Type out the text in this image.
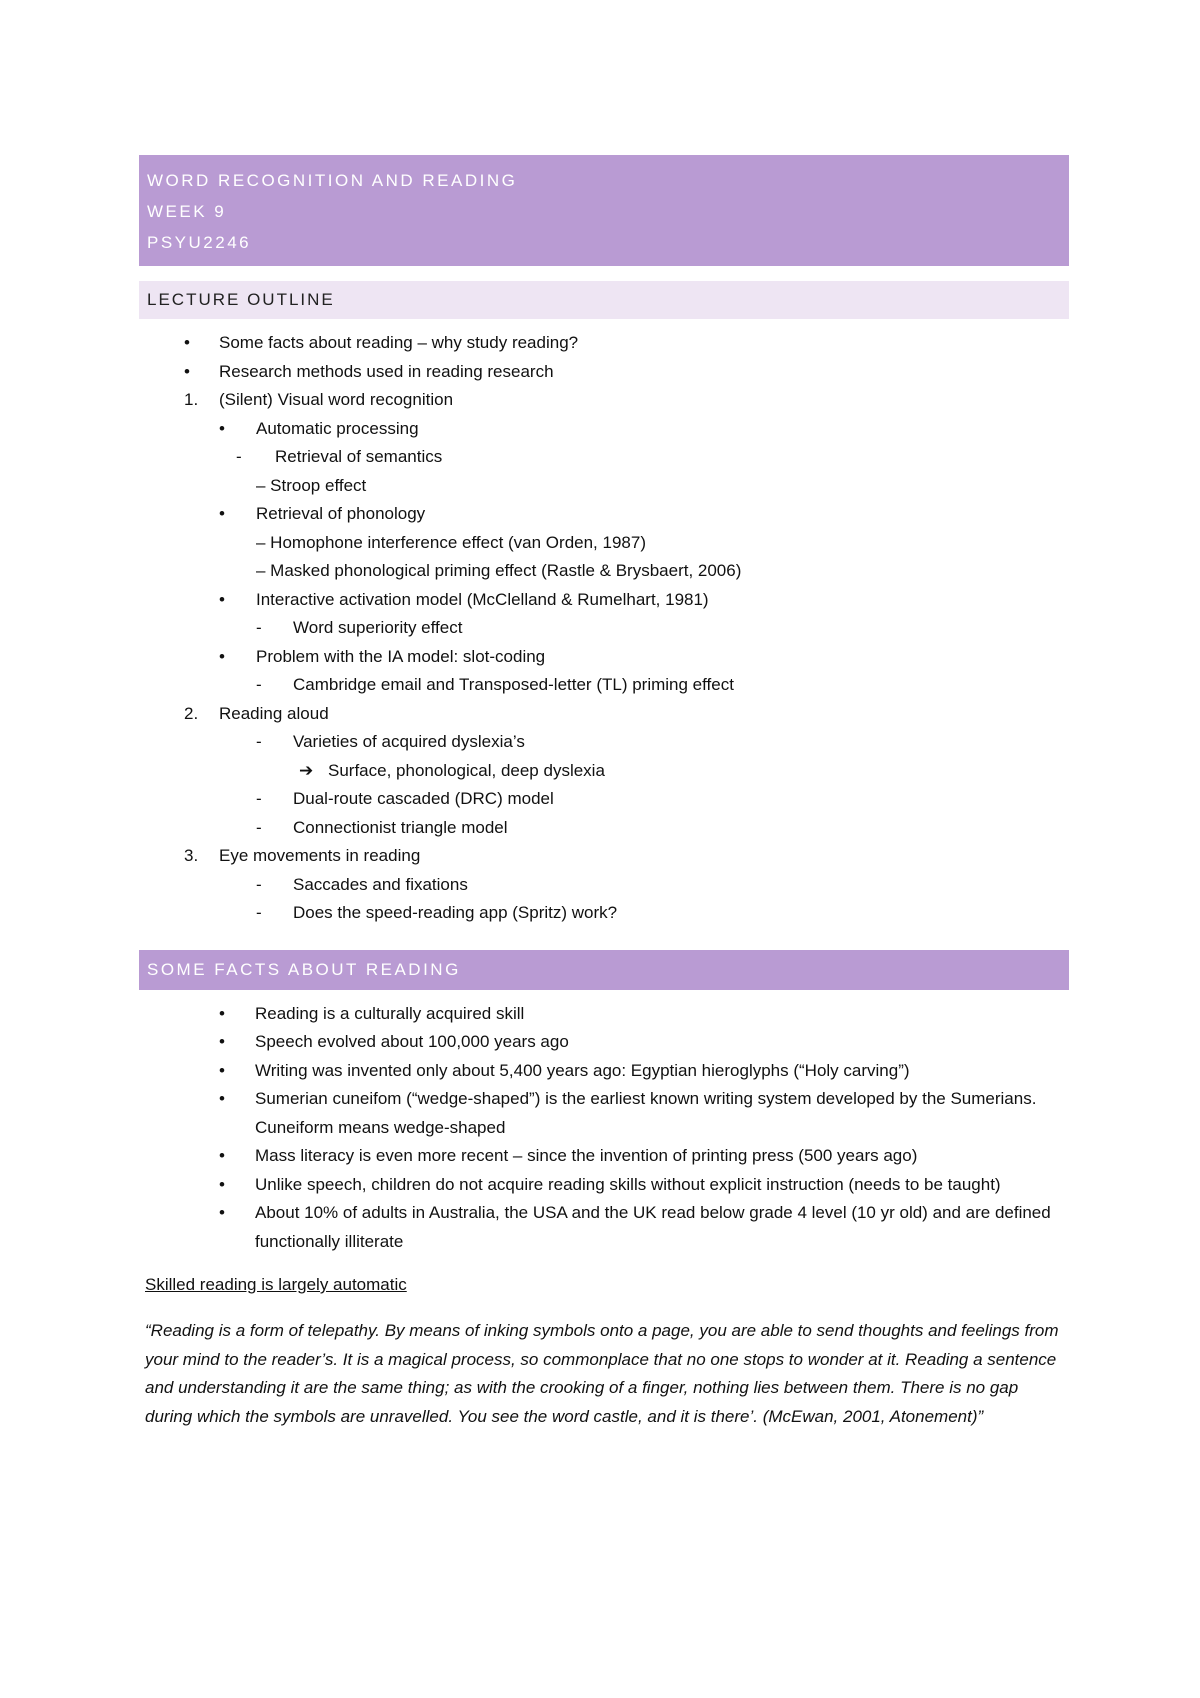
WORD RECOGNITION AND READING
WEEK 9
PSYU2246
LECTURE OUTLINE
• Some facts about reading – why study reading?
• Research methods used in reading research
1. (Silent) Visual word recognition
• Automatic processing
- Retrieval of semantics
– Stroop effect
• Retrieval of phonology
– Homophone interference effect (van Orden, 1987)
– Masked phonological priming effect (Rastle & Brysbaert, 2006)
• Interactive activation model (McClelland & Rumelhart, 1981)
- Word superiority effect
• Problem with the IA model: slot-coding
- Cambridge email and Transposed-letter (TL) priming effect
2. Reading aloud
- Varieties of acquired dyslexia’s
➔ Surface, phonological, deep dyslexia
- Dual-route cascaded (DRC) model
- Connectionist triangle model
3. Eye movements in reading
- Saccades and fixations
- Does the speed-reading app (Spritz) work?
SOME FACTS ABOUT READING
• Reading is a culturally acquired skill
• Speech evolved about 100,000 years ago
• Writing was invented only about 5,400 years ago: Egyptian hieroglyphs (“Holy carving”)
• Sumerian cuneifom (“wedge-shaped”) is the earliest known writing system developed by the Sumerians. Cuneiform means wedge-shaped
• Mass literacy is even more recent – since the invention of printing press (500 years ago)
• Unlike speech, children do not acquire reading skills without explicit instruction (needs to be taught)
• About 10% of adults in Australia, the USA and the UK read below grade 4 level (10 yr old) and are defined functionally illiterate
Skilled reading is largely automatic
“Reading is a form of telepathy. By means of inking symbols onto a page, you are able to send thoughts and feelings from your mind to the reader’s. It is a magical process, so commonplace that no one stops to wonder at it. Reading a sentence and understanding it are the same thing; as with the crooking of a finger, nothing lies between them. There is no gap during which the symbols are unravelled. You see the word castle, and it is there’. (McEwan, 2001, Atonement)”
